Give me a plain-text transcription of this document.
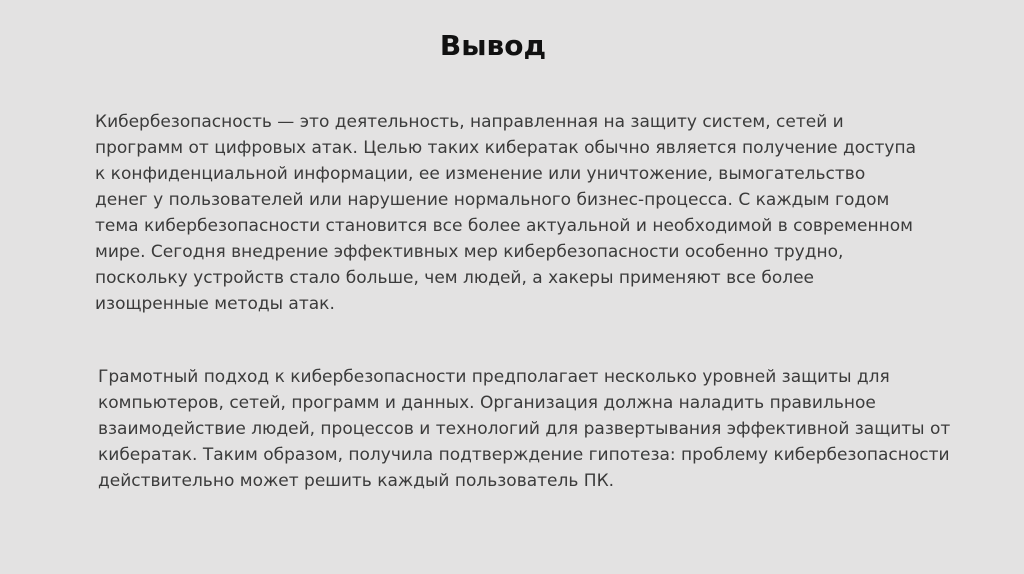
Вывод

Кибербезопасность — это деятельность, направленная на защиту систем, сетей и
программ от цифровых атак. Целью таких кибератак обычно является получение доступа
к конфиденциальной информации, ее изменение или уничтожение, вымогательство
денег у пользователей или нарушение нормального бизнес-процесса. С каждым годом
тема кибербезопасности становится все более актуальной и необходимой в современном
мире. Сегодня внедрение эффективных мер кибербезопасности особенно трудно,
поскольку устройств стало больше, чем людей, а хакеры применяют все более
изощренные методы атак.

Грамотный подход к кибербезопасности предполагает несколько уровней защиты для
компьютеров, сетей, программ и данных. Организация должна наладить правильное
взаимодействие людей, процессов и технологий для развертывания эффективной защиты от
кибератак. Таким образом, получила подтверждение гипотеза: проблему кибербезопасности
действительно может решить каждый пользователь ПК.
